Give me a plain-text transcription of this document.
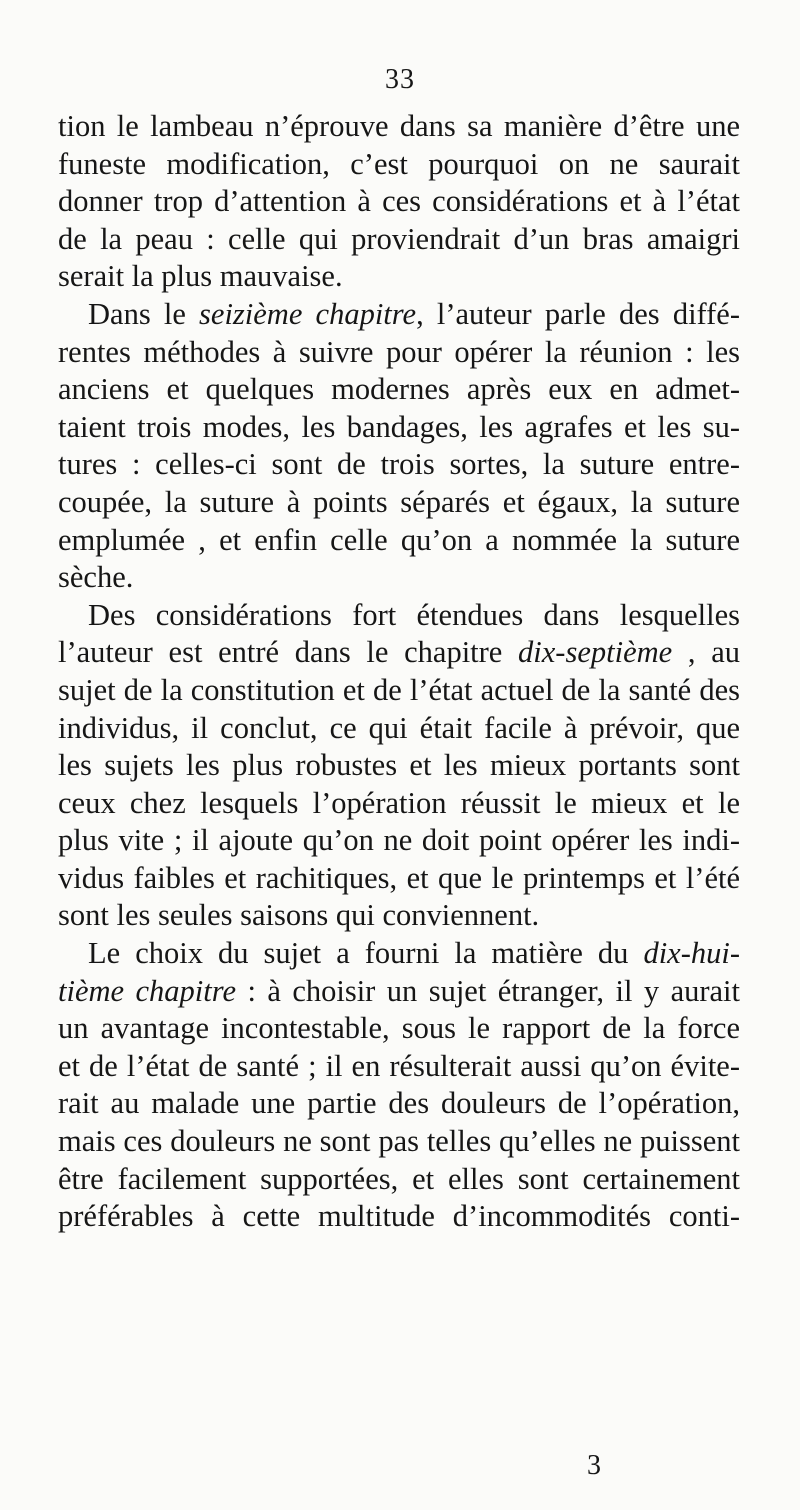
33
tion le lambeau n’éprouve dans sa manière d’être une
funeste modification, c’est pourquoi on ne saurait
donner trop d’attention à ces considérations et à l’état
de la peau : celle qui proviendrait d’un bras amaigri
serait la plus mauvaise.
Dans le seizième chapitre, l’auteur parle des diffé-
rentes méthodes à suivre pour opérer la réunion : les
anciens et quelques modernes après eux en admet-
taient trois modes, les bandages, les agrafes et les su-
tures : celles-ci sont de trois sortes, la suture entre-
coupée, la suture à points séparés et égaux, la suture
emplumée , et enfin celle qu’on a nommée la suture
sèche.
Des considérations fort étendues dans lesquelles
l’auteur est entré dans le chapitre dix-septième , au
sujet de la constitution et de l’état actuel de la santé des
individus, il conclut, ce qui était facile à prévoir, que
les sujets les plus robustes et les mieux portants sont
ceux chez lesquels l’opération réussit le mieux et le
plus vite ; il ajoute qu’on ne doit point opérer les indi-
vidus faibles et rachitiques, et que le printemps et l’été
sont les seules saisons qui conviennent.
Le choix du sujet a fourni la matière du dix-hui-
tième chapitre : à choisir un sujet étranger, il y aurait
un avantage incontestable, sous le rapport de la force
et de l’état de santé ; il en résulterait aussi qu’on évite-
rait au malade une partie des douleurs de l’opération,
mais ces douleurs ne sont pas telles qu’elles ne puissent
être facilement supportées, et elles sont certainement
préférables à cette multitude d’incommodités conti-
3
